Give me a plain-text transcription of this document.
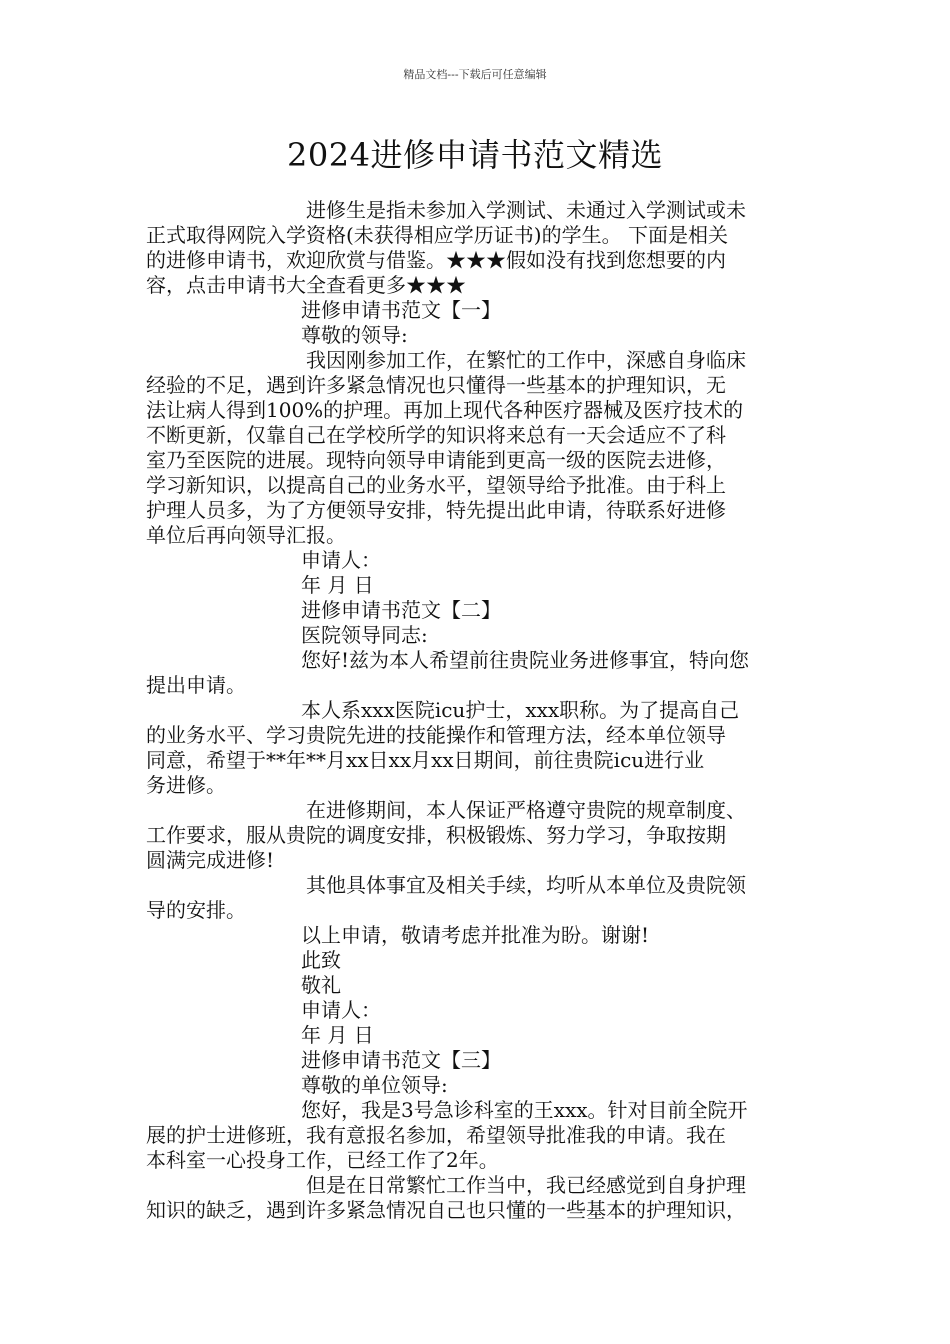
精品文档---下载后可任意编辑
2024进修申请书范文精选
进修生是指未参加入学测试、未通过入学测试或未
正式取得网院入学资格(未获得相应学历证书)的学生。 下面是相关
的进修申请书，欢迎欣赏与借鉴。★★★假如没有找到您想要的内
容，点击申请书大全查看更多★★★
进修申请书范文【一】
尊敬的领导:
我因刚参加工作，在繁忙的工作中，深感自身临床
经验的不足，遇到许多紧急情况也只懂得一些基本的护理知识，无
法让病人得到100%的护理。再加上现代各种医疗器械及医疗技术的
不断更新，仅靠自己在学校所学的知识将来总有一天会适应不了科
室乃至医院的进展。现特向领导申请能到更高一级的医院去进修，
学习新知识，以提高自己的业务水平，望领导给予批准。由于科上
护理人员多，为了方便领导安排，特先提出此申请，待联系好进修
单位后再向领导汇报。
申请人：
年 月 日
进修申请书范文【二】
医院领导同志:
您好!兹为本人希望前往贵院业务进修事宜，特向您
提出申请。
本人系xxx医院icu护士，xxx职称。为了提高自己
的业务水平、学习贵院先进的技能操作和管理方法，经本单位领导
同意，希望于**年**月xx日xx月xx日期间，前往贵院icu进行业
务进修。
在进修期间，本人保证严格遵守贵院的规章制度、
工作要求，服从贵院的调度安排，积极锻炼、努力学习，争取按期
圆满完成进修!
其他具体事宜及相关手续，均听从本单位及贵院领
导的安排。
以上申请，敬请考虑并批准为盼。谢谢!
此致
敬礼
申请人：
年 月 日
进修申请书范文【三】
尊敬的单位领导:
您好，我是3号急诊科室的王xxx。针对目前全院开
展的护士进修班，我有意报名参加，希望领导批准我的申请。我在
本科室一心投身工作，已经工作了2年。
但是在日常繁忙工作当中，我已经感觉到自身护理
知识的缺乏，遇到许多紧急情况自己也只懂的一些基本的护理知识，
